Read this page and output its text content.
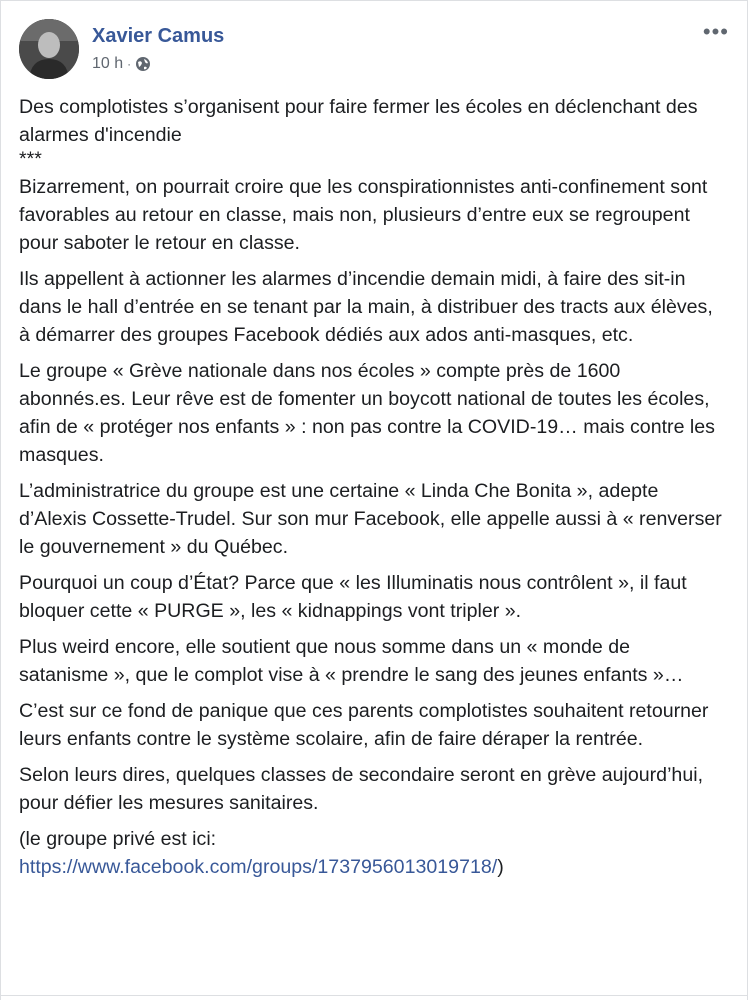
Xavier Camus
10 h ·
•••

Des complotistes s’organisent pour faire fermer les écoles en déclenchant des alarmes d'incendie

***

Bizarrement, on pourrait croire que les conspirationnistes anti-confinement sont favorables au retour en classe, mais non, plusieurs d’entre eux se regroupent pour saboter le retour en classe.

Ils appellent à actionner les alarmes d’incendie demain midi, à faire des sit-in dans le hall d’entrée en se tenant par la main, à distribuer des tracts aux élèves, à démarrer des groupes Facebook dédiés aux ados anti-masques, etc.

Le groupe « Grève nationale dans nos écoles » compte près de 1600 abonnés.es. Leur rêve est de fomenter un boycott national de toutes les écoles, afin de « protéger nos enfants » : non pas contre la COVID-19… mais contre les masques.

L’administratrice du groupe est une certaine « Linda Che Bonita », adepte d’Alexis Cossette-Trudel. Sur son mur Facebook, elle appelle aussi à « renverser le gouvernement » du Québec.

Pourquoi un coup d’État? Parce que « les Illuminatis nous contrôlent », il faut bloquer cette « PURGE », les « kidnappings vont tripler ».

Plus weird encore, elle soutient que nous somme dans un « monde de satanisme », que le complot vise à « prendre le sang des jeunes enfants »…

C’est sur ce fond de panique que ces parents complotistes souhaitent retourner leurs enfants contre le système scolaire, afin de faire déraper la rentrée.

Selon leurs dires, quelques classes de secondaire seront en grève aujourd’hui, pour défier les mesures sanitaires.

(le groupe privé est ici:
https://www.facebook.com/groups/1737956013019718/)
